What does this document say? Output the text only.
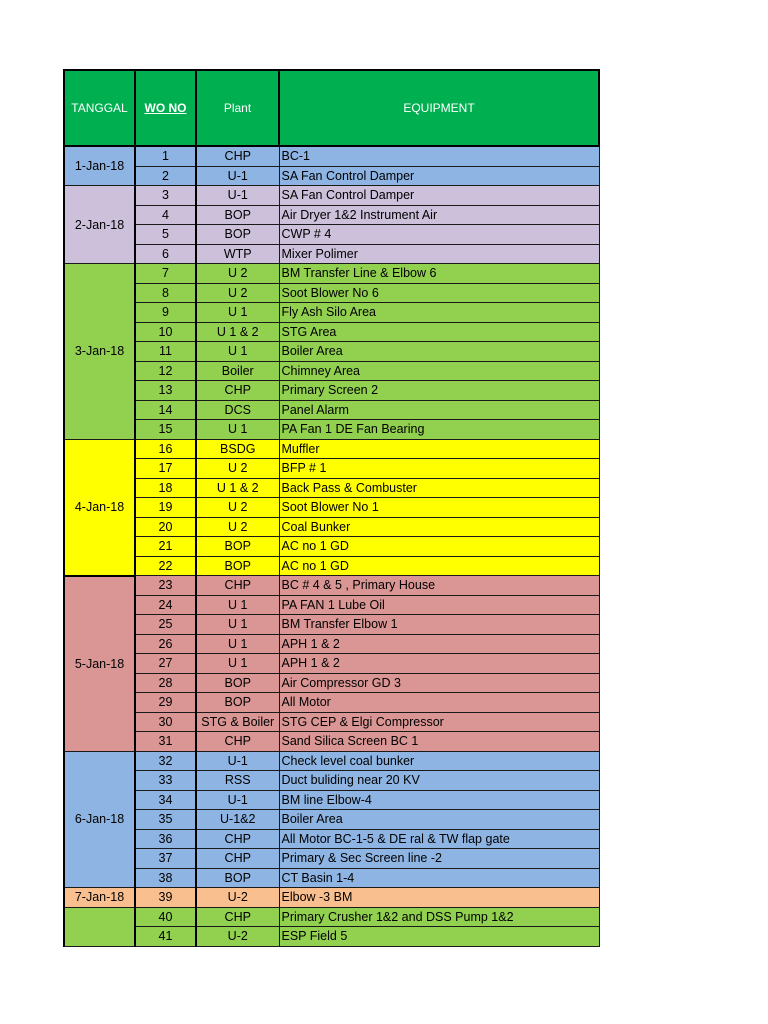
TANGGAL	WO NO	Plant	EQUIPMENT
1-Jan-18	1	CHP	BC-1
	2	U-1	SA Fan Control Damper
2-Jan-18	3	U-1	SA Fan Control Damper
	4	BOP	Air Dryer 1&2 Instrument Air
	5	BOP	CWP # 4
	6	WTP	Mixer Polimer
3-Jan-18	7	U 2	BM Transfer Line & Elbow 6
	8	U 2	Soot Blower No 6
	9	U 1	Fly Ash Silo Area
	10	U 1 & 2	STG Area
	11	U 1	Boiler Area
	12	Boiler	Chimney Area
	13	CHP	Primary Screen 2
	14	DCS	Panel Alarm
	15	U 1	PA Fan 1 DE Fan Bearing
4-Jan-18	16	BSDG	Muffler
	17	U 2	BFP # 1
	18	U 1 & 2	Back Pass & Combuster
	19	U 2	Soot Blower No 1
	20	U 2	Coal Bunker
	21	BOP	AC no 1 GD
	22	BOP	AC no 1 GD
5-Jan-18	23	CHP	BC # 4 & 5 , Primary House
	24	U 1	PA FAN 1 Lube Oil
	25	U 1	BM Transfer Elbow 1
	26	U 1	APH 1 & 2
	27	U 1	APH 1 & 2
	28	BOP	Air Compressor GD 3
	29	BOP	All Motor
	30	STG & Boiler	STG CEP & Elgi Compressor
	31	CHP	Sand Silica Screen BC 1
6-Jan-18	32	U-1	Check level coal bunker
	33	RSS	Duct buliding near 20 KV
	34	U-1	BM line Elbow-4
	35	U-1&2	Boiler Area
	36	CHP	All Motor BC-1-5 & DE ral & TW flap gate
	37	CHP	Primary & Sec Screen line -2
	38	BOP	CT Basin 1-4
7-Jan-18	39	U-2	Elbow -3 BM
	40	CHP	Primary Crusher 1&2 and DSS Pump 1&2
	41	U-2	ESP Field 5
